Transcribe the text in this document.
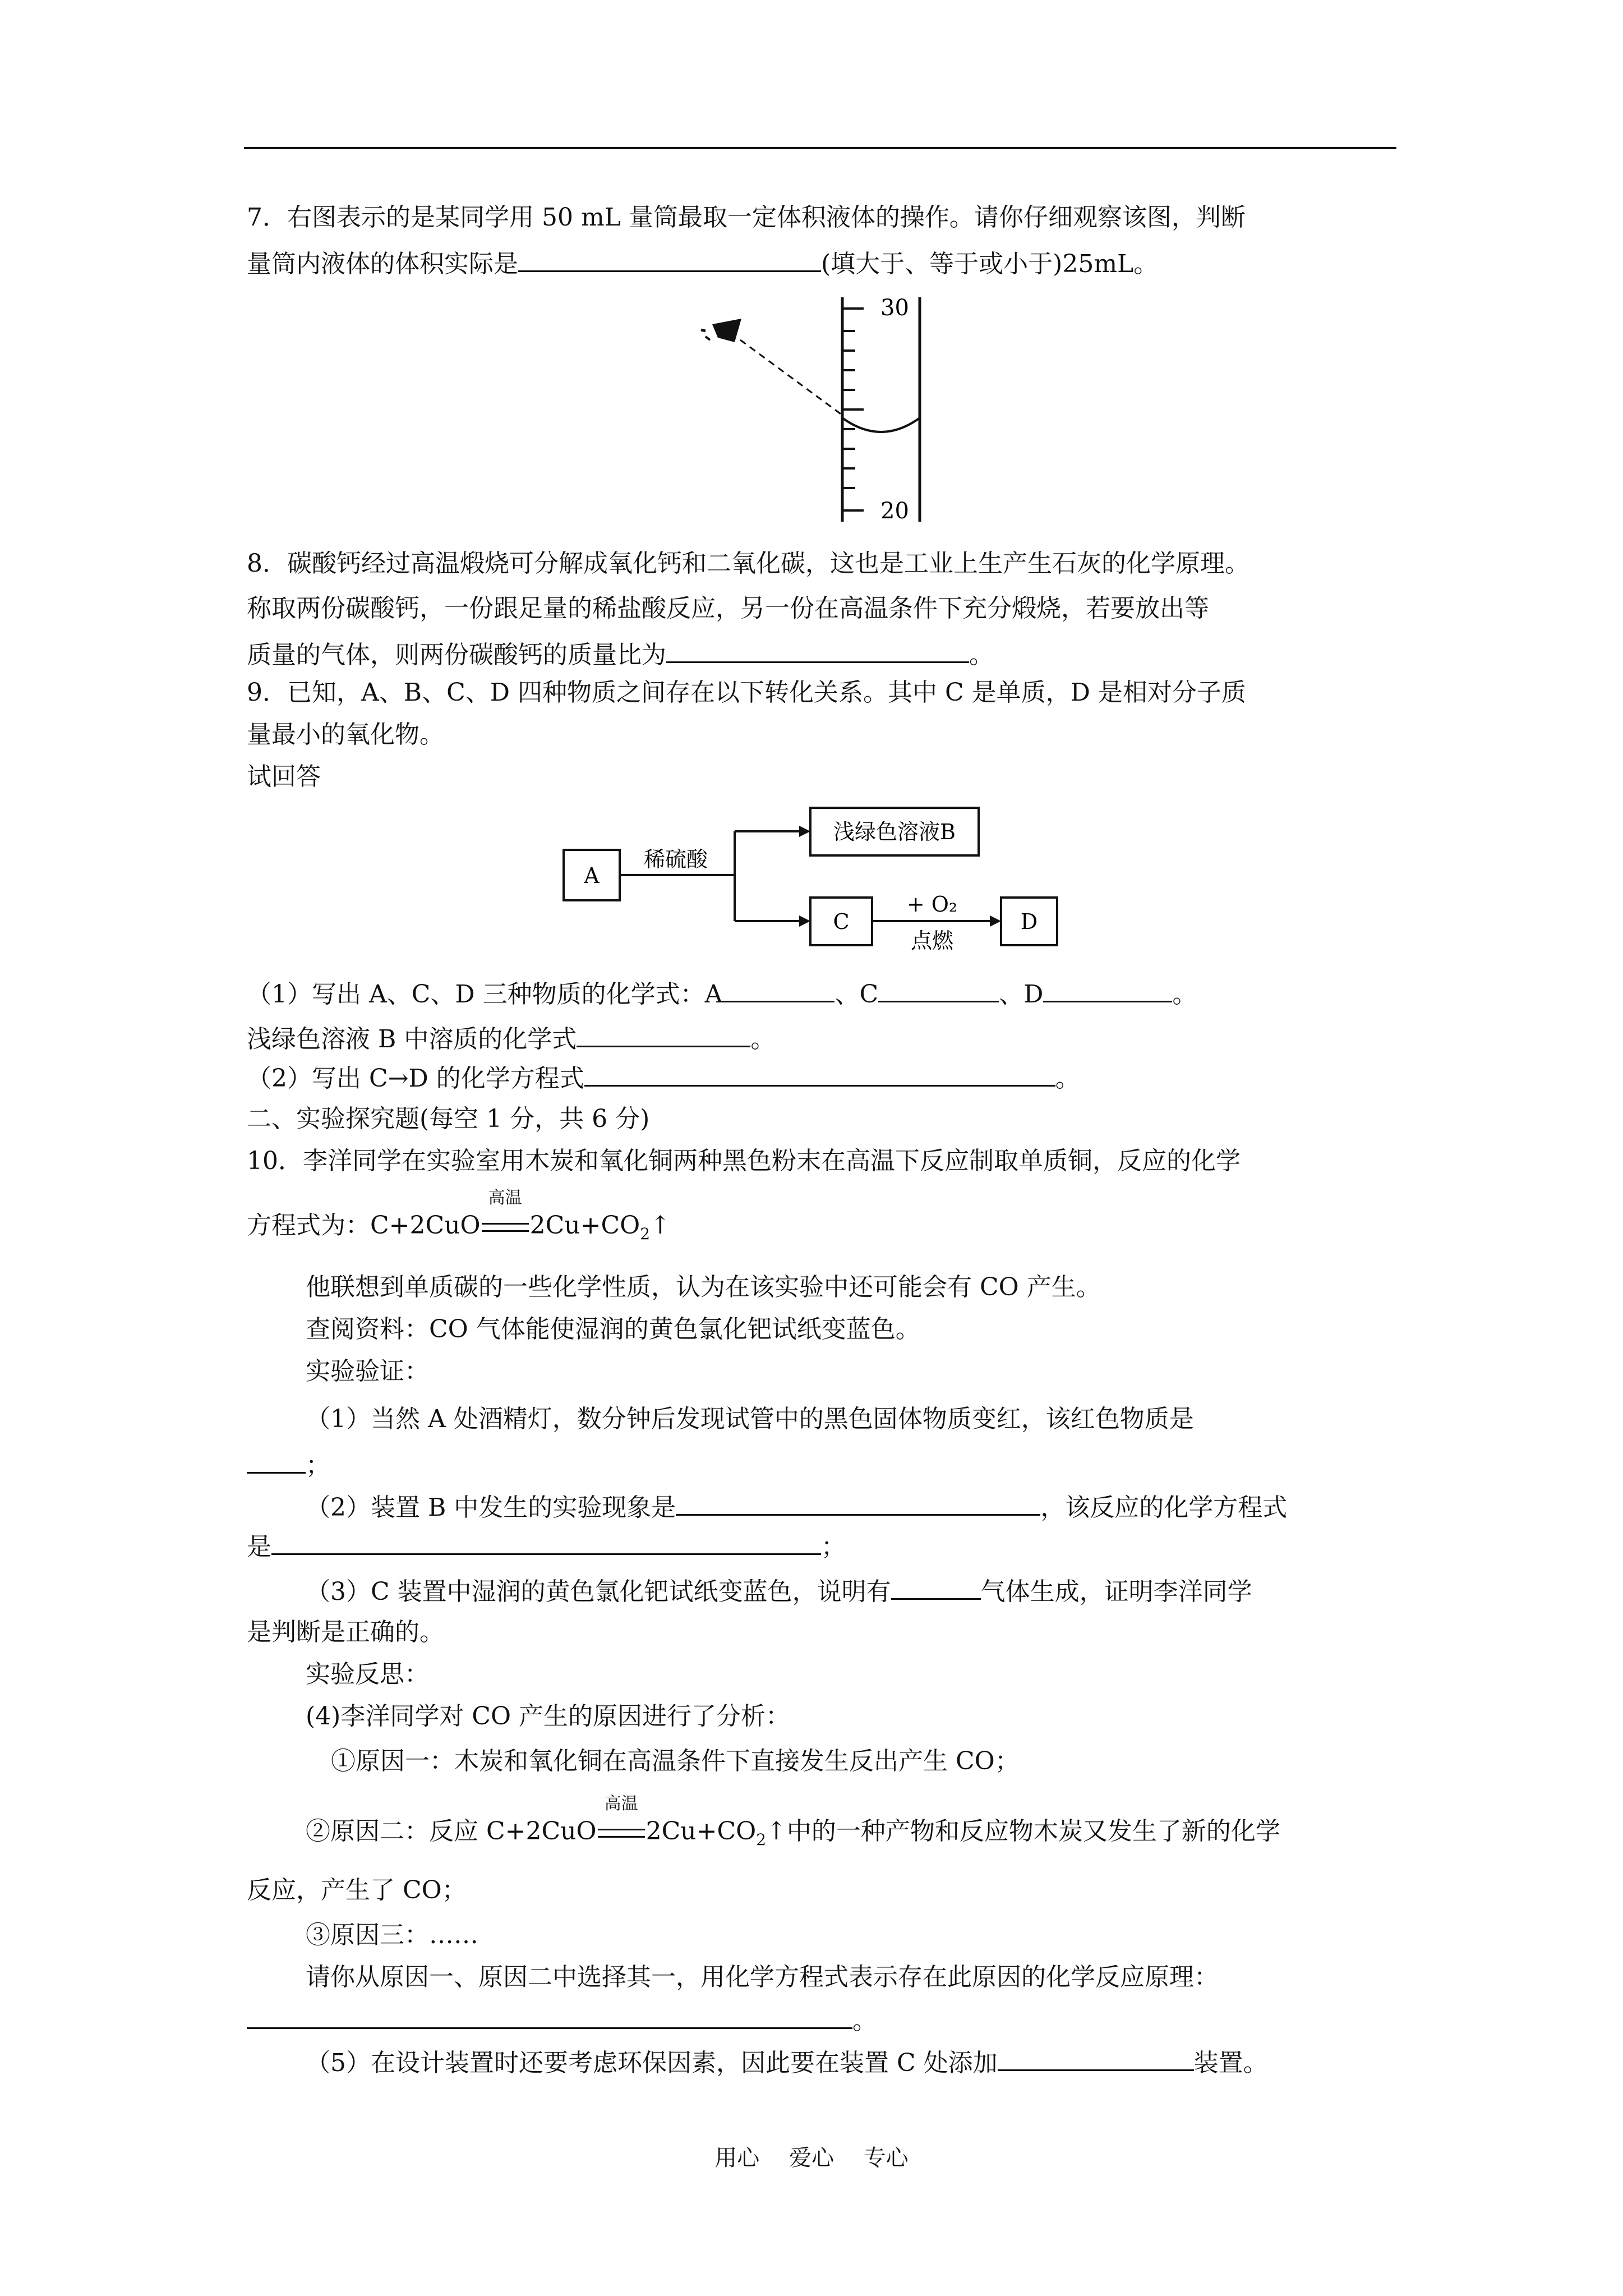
7．右图表示的是某同学用 50 mL 量筒最取一定体积液体的操作。请你仔细观察该图，判断
量筒内液体的体积实际是	(填大于、等于或小于)25mL。
30
20
8．碳酸钙经过高温煅烧可分解成氧化钙和二氧化碳，这也是工业上生产生石灰的化学原理。
称取两份碳酸钙，一份跟足量的稀盐酸反应，另一份在高温条件下充分煅烧，若要放出等
质量的气体，则两份碳酸钙的质量比为	。
9．已知，A、B、C、D 四种物质之间存在以下转化关系。其中 C 是单质，D 是相对分子质
量最小的氧化物。
试回答
A
稀硫酸
浅绿色溶液B
C
+ O₂
点燃
D
（1）写出 A、C、D 三种物质的化学式：A	、C	、D	。
浅绿色溶液 B 中溶质的化学式	。
（2）写出 C→D 的化学方程式	。
二、实验探究题(每空 1 分，共 6 分)
10．李洋同学在实验室用木炭和氧化铜两种黑色粉末在高温下反应制取单质铜，反应的化学
方程式为：C+2CuO
高温
$2Cu+CO_2↑$
他联想到单质碳的一些化学性质，认为在该实验中还可能会有 CO 产生。
查阅资料：CO 气体能使湿润的黄色氯化钯试纸变蓝色。
实验验证：
（1）当然 A 处酒精灯，数分钟后发现试管中的黑色固体物质变红，该红色物质是
；
（2）装置 B 中发生的实验现象是	，该反应的化学方程式
是	；
（3）C 装置中湿润的黄色氯化钯试纸变蓝色，说明有	气体生成，证明李洋同学
是判断是正确的。
实验反思：
(4)李洋同学对 CO 产生的原因进行了分析：
①原因一：木炭和氧化铜在高温条件下直接发生反出产生 CO；
②原因二：反应 C+2CuO
高温
$2Cu+CO_2↑$中的一种产物和反应物木炭又发生了新的化学
反应，产生了 CO；
③原因三：……
请你从原因一、原因二中选择其一，用化学方程式表示存在此原因的化学反应原理：
。
（5）在设计装置时还要考虑环保因素，因此要在装置 C 处添加	装置。
用心 爱心 专心
